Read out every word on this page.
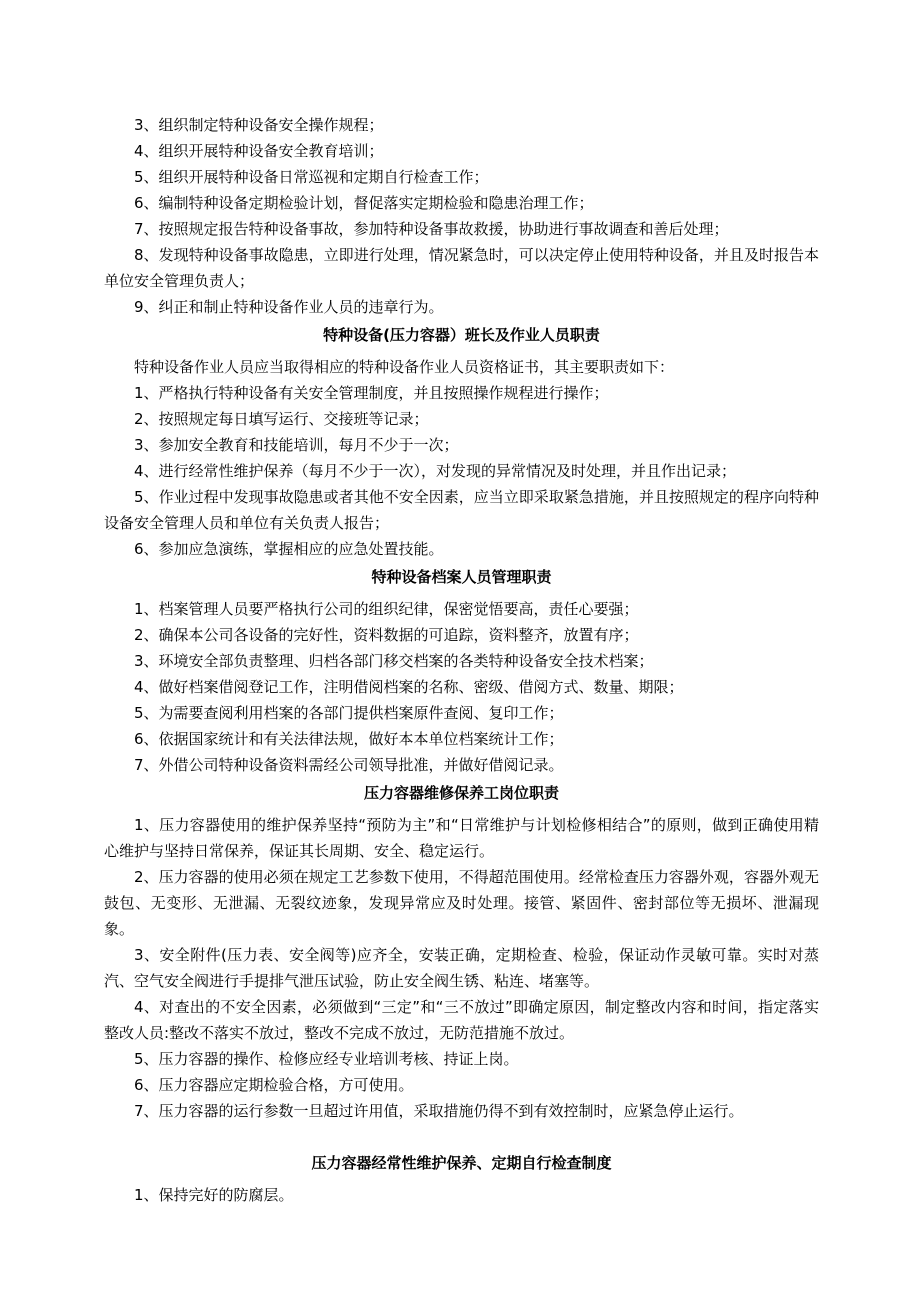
3、组织制定特种设备安全操作规程；

4、组织开展特种设备安全教育培训；

5、组织开展特种设备日常巡视和定期自行检查工作；

6、编制特种设备定期检验计划，督促落实定期检验和隐患治理工作；

7、按照规定报告特种设备事故，参加特种设备事故救援，协助进行事故调查和善后处理；

8、发现特种设备事故隐患，立即进行处理，情况紧急时，可以决定停止使用特种设备，并且及时报告本单位安全管理负责人；

9、纠正和制止特种设备作业人员的违章行为。

特种设备(压力容器）班长及作业人员职责

特种设备作业人员应当取得相应的特种设备作业人员资格证书，其主要职责如下：

1、严格执行特种设备有关安全管理制度，并且按照操作规程进行操作；

2、按照规定每日填写运行、交接班等记录；

3、参加安全教育和技能培训，每月不少于一次；

4、进行经常性维护保养（每月不少于一次），对发现的异常情况及时处理，并且作出记录；

5、作业过程中发现事故隐患或者其他不安全因素，应当立即采取紧急措施，并且按照规定的程序向特种设备安全管理人员和单位有关负责人报告；

6、参加应急演练，掌握相应的应急处置技能。

特种设备档案人员管理职责

1、档案管理人员要严格执行公司的组织纪律，保密觉悟要高，责任心要强；

2、确保本公司各设备的完好性，资料数据的可追踪，资料整齐，放置有序；

3、环境安全部负责整理、归档各部门移交档案的各类特种设备安全技术档案；

4、做好档案借阅登记工作，注明借阅档案的名称、密级、借阅方式、数量、期限；

5、为需要查阅利用档案的各部门提供档案原件查阅、复印工作；

6、依据国家统计和有关法律法规，做好本本单位档案统计工作；

7、外借公司特种设备资料需经公司领导批准，并做好借阅记录。

压力容器维修保养工岗位职责

1、压力容器使用的维护保养坚持“预防为主”和“日常维护与计划检修相结合”的原则，做到正确使用精心维护与坚持日常保养，保证其长周期、安全、稳定运行。

2、压力容器的使用必须在规定工艺参数下使用，不得超范围使用。经常检查压力容器外观，容器外观无鼓包、无变形、无泄漏、无裂纹迹象，发现异常应及时处理。接管、紧固件、密封部位等无损坏、泄漏现象。

3、安全附件(压力表、安全阀等)应齐全，安装正确，定期检查、检验，保证动作灵敏可靠。实时对蒸汽、空气安全阀进行手提排气泄压试验，防止安全阀生锈、粘连、堵塞等。

4、对查出的不安全因素，必须做到“三定”和“三不放过”即确定原因，制定整改内容和时间，指定落实整改人员:整改不落实不放过，整改不完成不放过，无防范措施不放过。

5、压力容器的操作、检修应经专业培训考核、持证上岗。

6、压力容器应定期检验合格，方可使用。

7、压力容器的运行参数一旦超过许用值，采取措施仍得不到有效控制时，应紧急停止运行。

压力容器经常性维护保养、定期自行检查制度

1、保持完好的防腐层。
